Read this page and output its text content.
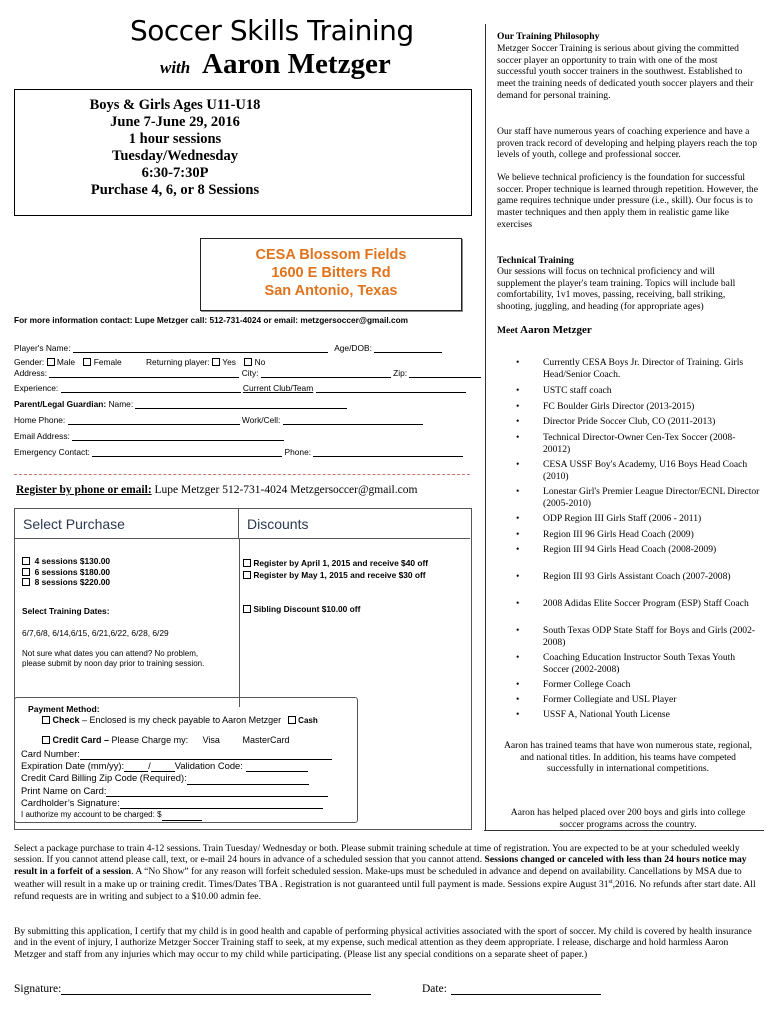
Soccer Skills Training
with Aaron Metzger
Boys & Girls Ages U11-U18
June 7-June 29, 2016
1 hour sessions
Tuesday/Wednesday
6:30-7:30P
Purchase 4, 6, or 8 Sessions
CESA Blossom Fields
1600 E Bitters Rd
San Antonio, Texas
For more information contact: Lupe Metzger call: 512-731-4024 or email: metzgersoccer@gmail.com
Player's Name:	Age/DOB:
Gender: Male Female	Returning player: Yes No
Address:	City:	Zip:
Experience:	Current Club/Team
Parent/Legal Guardian: Name:
Home Phone:	Work/Cell:
Email Address:
Emergency Contact:	Phone:
Register by phone or email: Lupe Metzger 512-731-4024 Metzgersoccer@gmail.com
Select Purchase	Discounts
4 sessions $130.00
6 sessions $180.00
8 sessions $220.00
Select Training Dates:
6/7,6/8, 6/14,6/15, 6/21,6/22, 6/28, 6/29
Not sure what dates you can attend? No problem,
please submit by noon day prior to training session.
Register by April 1, 2015 and receive $40 off
Register by May 1, 2015 and receive $30 off
Sibling Discount $10.00 off
Payment Method:
Check – Enclosed is my check payable to Aaron Metzger Cash
Credit Card – Please Charge my: Visa	MasterCard
Card Number:
Expiration Date (mm/yy):	/	Validation Code:
Credit Card Billing Zip Code (Required):
Print Name on Card:
Cardholder’s Signature:
I authorize my account to be charged: $
Our Training Philosophy
Metzger Soccer Training is serious about giving the committed soccer player an opportunity to train with one of the most successful youth soccer trainers in the southwest. Established to meet the training needs of dedicated youth soccer players and their demand for personal training.
Our staff have numerous years of coaching experience and have a proven track record of developing and helping players reach the top levels of youth, college and professional soccer.
We believe technical proficiency is the foundation for successful soccer. Proper technique is learned through repetition. However, the game requires technique under pressure (i.e., skill). Our focus is to master techniques and then apply them in realistic game like exercises
Technical Training
Our sessions will focus on technical proficiency and will supplement the player's team training. Topics will include ball comfortability, 1v1 moves, passing, receiving, ball striking, shooting, juggling, and heading (for appropriate ages)
Meet Aaron Metzger
• Currently CESA Boys Jr. Director of Training. Girls Head/Senior Coach.
• USTC staff coach
• FC Boulder Girls Director (2013-2015)
• Director Pride Soccer Club, CO (2011-2013)
• Technical Director-Owner Cen-Tex Soccer (2008-20012)
• CESA USSF Boy's Academy, U16 Boys Head Coach (2010)
• Lonestar Girl's Premier League Director/ECNL Director (2005-2010)
• ODP Region III Girls Staff (2006 - 2011)
• Region III 96 Girls Head Coach (2009)
• Region III 94 Girls Head Coach (2008-2009)
• Region III 93 Girls Assistant Coach (2007-2008)
• 2008 Adidas Elite Soccer Program (ESP) Staff Coach
• South Texas ODP State Staff for Boys and Girls (2002-2008)
• Coaching Education Instructor South Texas Youth Soccer (2002-2008)
• Former College Coach
• Former Collegiate and USL Player
• USSF A, National Youth License
Aaron has trained teams that have won numerous state, regional, and national titles. In addition, his teams have competed successfully in international competitions.
Aaron has helped placed over 200 boys and girls into college soccer programs across the country.
Select a package purchase to train 4-12 sessions. Train Tuesday/ Wednesday or both. Please submit training schedule at time of registration. You are expected to be at your scheduled weekly session. If you cannot attend please call, text, or e-mail 24 hours in advance of a scheduled session that you cannot attend. Sessions changed or canceled with less than 24 hours notice may result in a forfeit of a session. A “No Show” for any reason will forfeit scheduled session. Make-ups must be scheduled in advance and depend on availability. Cancellations by MSA due to weather will result in a make up or training credit. Times/Dates TBA . Registration is not guaranteed until full payment is made. Sessions expire August 31st,2016. No refunds after start date. All refund requests are in writing and subject to a $10.00 admin fee.
By submitting this application, I certify that my child is in good health and capable of performing physical activities associated with the sport of soccer. My child is covered by health insurance and in the event of injury, I authorize Metzger Soccer Training staff to seek, at my expense, such medical attention as they deem appropriate. I release, discharge and hold harmless Aaron Metzger and staff from any injuries which may occur to my child while participating. (Please list any special conditions on a separate sheet of paper.)
Signature:	Date:
